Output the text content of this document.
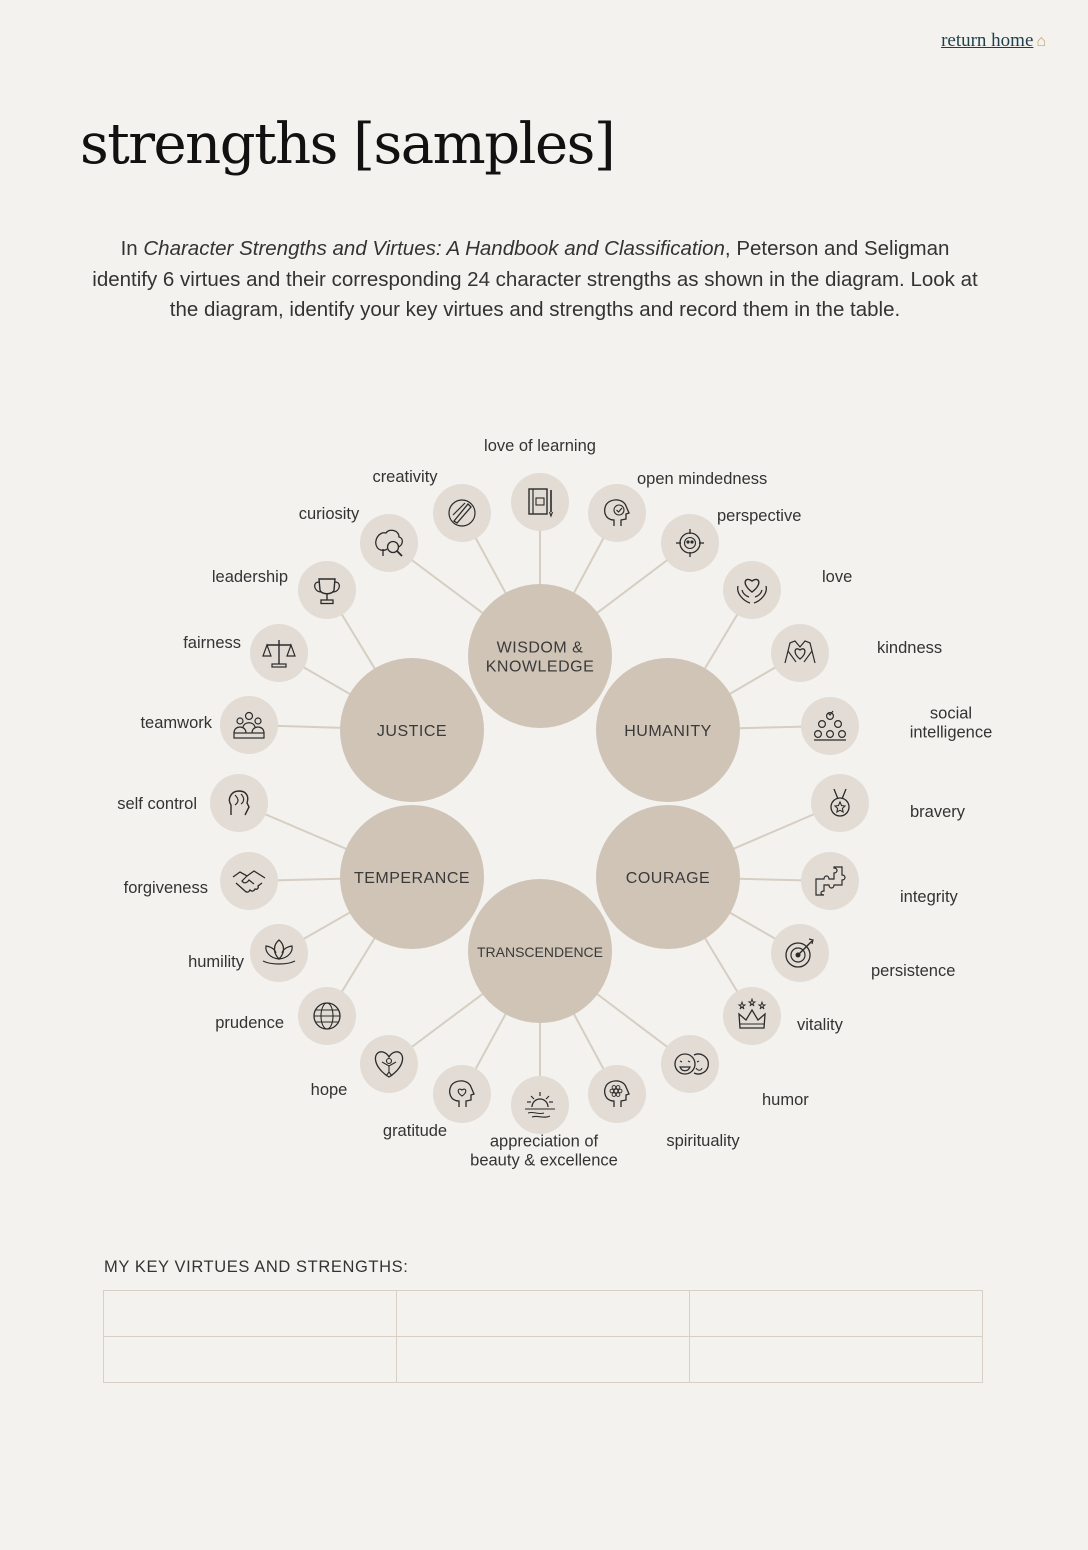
return home ⌂
strengths [samples]

In Character Strengths and Virtues: A Handbook and Classification, Peterson and Seligman identify 6 virtues and their corresponding 24 character strengths as shown in the diagram. Look at the diagram, identify your key virtues and strengths and record them in the table.

WISDOM &
KNOWLEDGE
JUSTICE	HUMANITY
TEMPERANCE	COURAGE
TRANSCENDENCE
love of learning
creativity
curiosity
open mindedness
perspective
leadership
fairness
teamwork
love
kindness
social
intelligence
self control
forgiveness
humility
prudence
bravery
integrity
persistence
vitality
hope
gratitude
appreciation of
beauty & excellence
spirituality
humor
MY KEY VIRTUES AND STRENGTHS:
